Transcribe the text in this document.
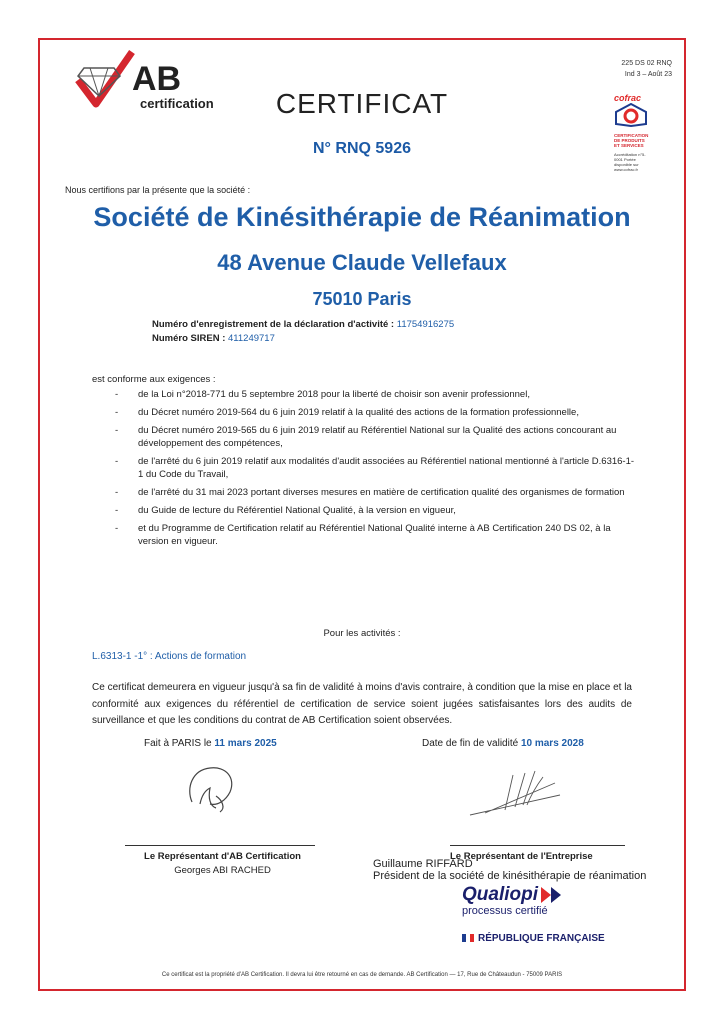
AB
certification
225 DS 02 RNQ
Ind 3 – Août 23
cofrac
CERTIFICATION DE PRODUITS ET SERVICES
Accréditation n°5-0001 Portée disponible sur www.cofrac.fr
CERTIFICAT
N° RNQ 5926
Nous certifions par la présente que la société :
Société de Kinésithérapie de Réanimation
48 Avenue Claude Vellefaux
75010 Paris
Numéro d'enregistrement de la déclaration d'activité : 11754916275
Numéro SIREN : 411249717
est conforme aux exigences :
- de la Loi n°2018-771 du 5 septembre 2018 pour la liberté de choisir son avenir professionnel,
- du Décret numéro 2019-564 du 6 juin 2019 relatif à la qualité des actions de la formation professionnelle,
- du Décret numéro 2019-565 du 6 juin 2019 relatif au Référentiel National sur la Qualité des actions concourant au développement des compétences,
- de l'arrêté du 6 juin 2019 relatif aux modalités d'audit associées au Référentiel national mentionné à l'article D.6316-1-1 du Code du Travail,
- de l'arrêté du 31 mai 2023 portant diverses mesures en matière de certification qualité des organismes de formation
- du Guide de lecture du Référentiel National Qualité, à la version en vigueur,
- et du Programme de Certification relatif au Référentiel National Qualité interne à AB Certification 240 DS 02, à la version en vigueur.
Pour les activités :
L.6313-1 -1° : Actions de formation
Ce certificat demeurera en vigueur jusqu'à sa fin de validité à moins d'avis contraire, à condition que la mise en place et la conformité aux exigences du référentiel de certification de service soient jugées satisfaisantes lors des audits de surveillance et que les conditions du contrat de AB Certification soient observées.
Fait à PARIS le 11 mars 2025	Date de fin de validité 10 mars 2028
Le Représentant d'AB Certification
Georges ABI RACHED
Le Représentant de l'Entreprise
Guillaume RIFFARD
Président de la société de kinésithérapie de réanimation
Qualiopi
processus certifié
RÉPUBLIQUE FRANÇAISE
Ce certificat est la propriété d'AB Certification. Il devra lui être retourné en cas de demande. AB Certification — 17, Rue de Châteaudun - 75009 PARIS
